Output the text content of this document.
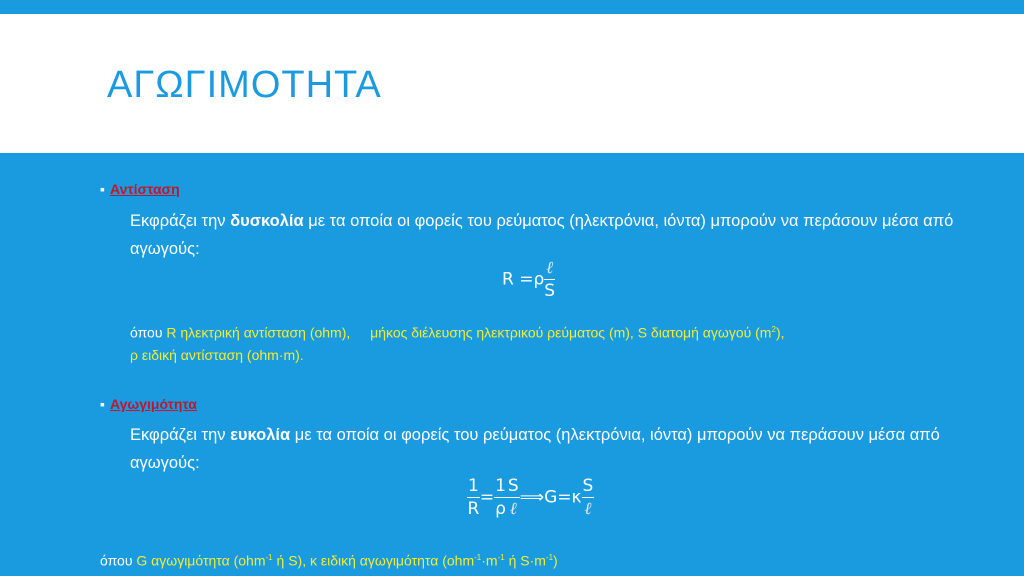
ΑΓΩΓΙΜΟΤΗΤΑ
▪ Αντίσταση
Εκφράζει την δυσκολία με τα οποία οι φορείς του ρεύματος (ηλεκτρόνια, ιόντα) μπορούν να περάσουν μέσα από αγωγούς:
$R =\rho \frac{\text{ℓ}}{S}$
όπου R ηλεκτρική αντίσταση (ohm), μήκος διέλευσης ηλεκτρικού ρεύματος (m), S διατομή αγωγού $(m^2)$,
ρ ειδική αντίσταση (ohm·m).
▪ Αγωγιμότητα
Εκφράζει την ευκολία με τα οποία οι φορείς του ρεύματος (ηλεκτρόνια, ιόντα) μπορούν να περάσουν μέσα από αγωγούς:
$\frac{1}{R} = \frac{1}{\rho} \frac{S}{\text{ℓ}}$ ⟹G=κ $\frac{S}{\text{ℓ}}$
όπου G αγωγιμότητα (ohm$^{-1}$ ή S), κ ειδική αγωγιμότητα ($ohm^{-1}\cdot m^{-1}$ ή $S\cdot m^{-1}$)
